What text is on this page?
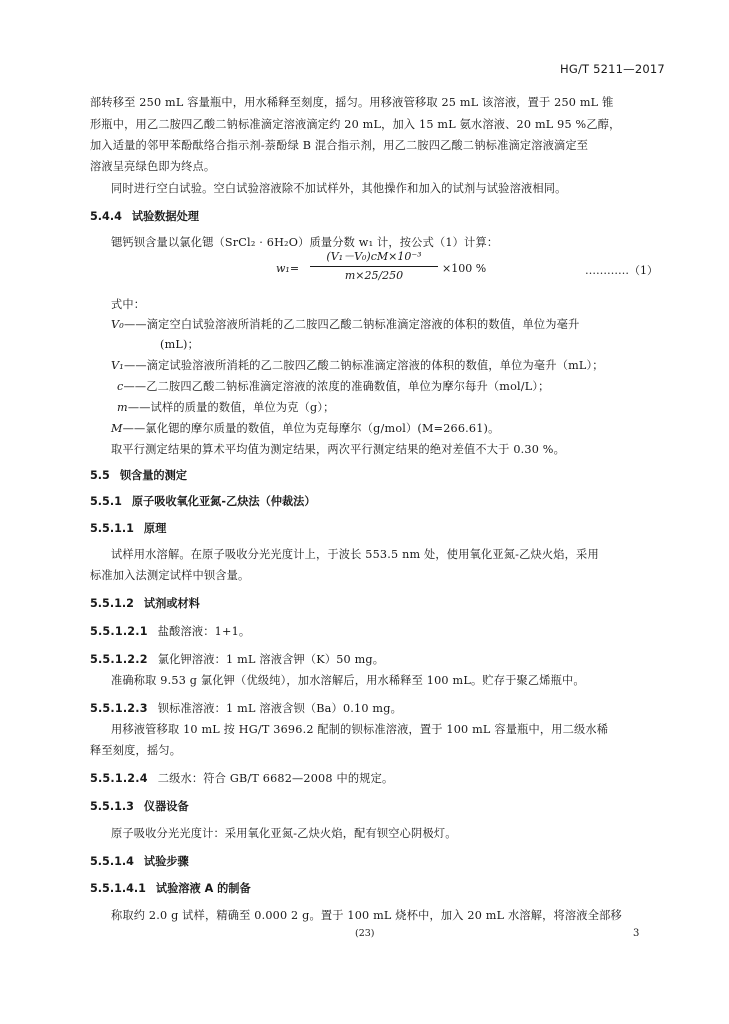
HG/T 5211—2017
部转移至 250 mL 容量瓶中，用水稀释至刻度，摇匀。用移液管移取 25 mL 该溶液，置于 250 mL 锥
形瓶中，用乙二胺四乙酸二钠标准滴定溶液滴定约 20 mL，加入 15 mL 氨水溶液、20 mL 95 %乙醇，
加入适量的邻甲苯酚酞络合指示剂-萘酚绿 B 混合指示剂，用乙二胺四乙酸二钠标准滴定溶液滴定至
溶液呈亮绿色即为终点。
同时进行空白试验。空白试验溶液除不加试样外，其他操作和加入的试剂与试验溶液相同。
5.4.4 试验数据处理
锶钙钡含量以氯化锶（SrCl₂ · 6H₂O）质量分数 w₁ 计，按公式（1）计算：
w₁=
(V₁－V₀)cM×10⁻³
m×25/250
×100 %	…………（1）
式中：
V₀——滴定空白试验溶液所消耗的乙二胺四乙酸二钠标准滴定溶液的体积的数值，单位为毫升
(mL)；
V₁——滴定试验溶液所消耗的乙二胺四乙酸二钠标准滴定溶液的体积的数值，单位为毫升（mL）；
c——乙二胺四乙酸二钠标准滴定溶液的浓度的准确数值，单位为摩尔每升（mol/L）；
m——试样的质量的数值，单位为克（g）；
M——氯化锶的摩尔质量的数值，单位为克每摩尔（g/mol）(M=266.61)。
取平行测定结果的算术平均值为测定结果，两次平行测定结果的绝对差值不大于 0.30 %。
5.5 钡含量的测定
5.5.1 原子吸收氧化亚氮-乙炔法（仲裁法）
5.5.1.1 原理
试样用水溶解。在原子吸收分光光度计上，于波长 553.5 nm 处，使用氧化亚氮-乙炔火焰，采用
标准加入法测定试样中钡含量。
5.5.1.2 试剂或材料
5.5.1.2.1 盐酸溶液：1+1。
5.5.1.2.2 氯化钾溶液：1 mL 溶液含钾（K）50 mg。
准确称取 9.53 g 氯化钾（优级纯），加水溶解后，用水稀释至 100 mL。贮存于聚乙烯瓶中。
5.5.1.2.3 钡标准溶液：1 mL 溶液含钡（Ba）0.10 mg。
用移液管移取 10 mL 按 HG/T 3696.2 配制的钡标准溶液，置于 100 mL 容量瓶中，用二级水稀
释至刻度，摇匀。
5.5.1.2.4 二级水：符合 GB/T 6682—2008 中的规定。
5.5.1.3 仪器设备
原子吸收分光光度计：采用氧化亚氮-乙炔火焰，配有钡空心阴极灯。
5.5.1.4 试验步骤
5.5.1.4.1 试验溶液 A 的制备
称取约 2.0 g 试样，精确至 0.000 2 g。置于 100 mL 烧杯中，加入 20 mL 水溶解，将溶液全部移
(23)	3
